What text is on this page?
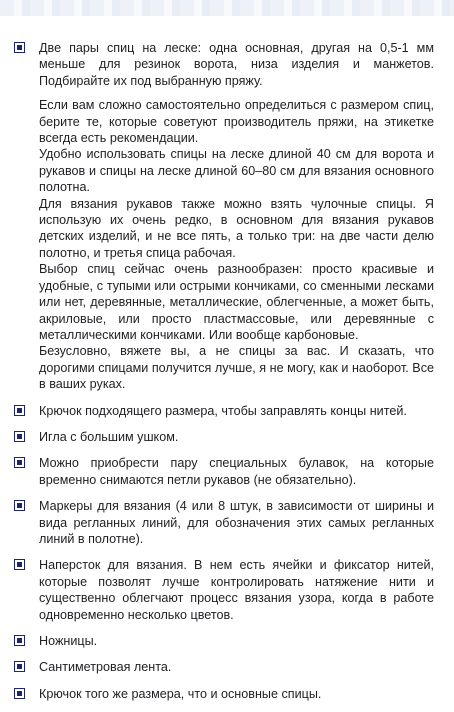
Две пары спиц на леске: одна основная, другая на 0,5-1 мм меньше для резинок ворота, низа изделия и манжетов. Подбирайте их под выбранную пряжу.

Если вам сложно самостоятельно определиться с размером спиц, берите те, которые советуют производитель пряжи, на этикетке всегда есть рекомендации.

Удобно использовать спицы на леске длиной 40 см для ворота и рукавов и спицы на леске длиной 60–80 см для вязания основного полотна.

Для вязания рукавов также можно взять чулочные спицы. Я использую их очень редко, в основном для вязания рукавов детских изделий, и не все пять, а только три: на две части делю полотно, и третья спица рабочая.

Выбор спиц сейчас очень разнообразен: просто красивые и удобные, с тупыми или острыми кончиками, со сменными лесками или нет, деревянные, металлические, облегченные, а может быть, акриловые, или просто пластмассовые, или деревянные с металлическими кончиками. Или вообще карбоновые.

Безусловно, вяжете вы, а не спицы за вас. И сказать, что дорогими спицами получится лучше, я не могу, как и наоборот. Все в ваших руках.

Крючок подходящего размера, чтобы заправлять концы нитей.

Игла с большим ушком.

Можно приобрести пару специальных булавок, на которые временно снимаются петли рукавов (не обязательно).

Маркеры для вязания (4 или 8 штук, в зависимости от ширины и вида регланных линий, для обозначения этих самых регланных линий в полотне).

Наперсток для вязания. В нем есть ячейки и фиксатор нитей, которые позволят лучше контролировать натяжение нити и существенно облегчают процесс вязания узора, когда в работе одновременно несколько цветов.

Ножницы.

Сантиметровая лента.

Крючок того же размера, что и основные спицы.
